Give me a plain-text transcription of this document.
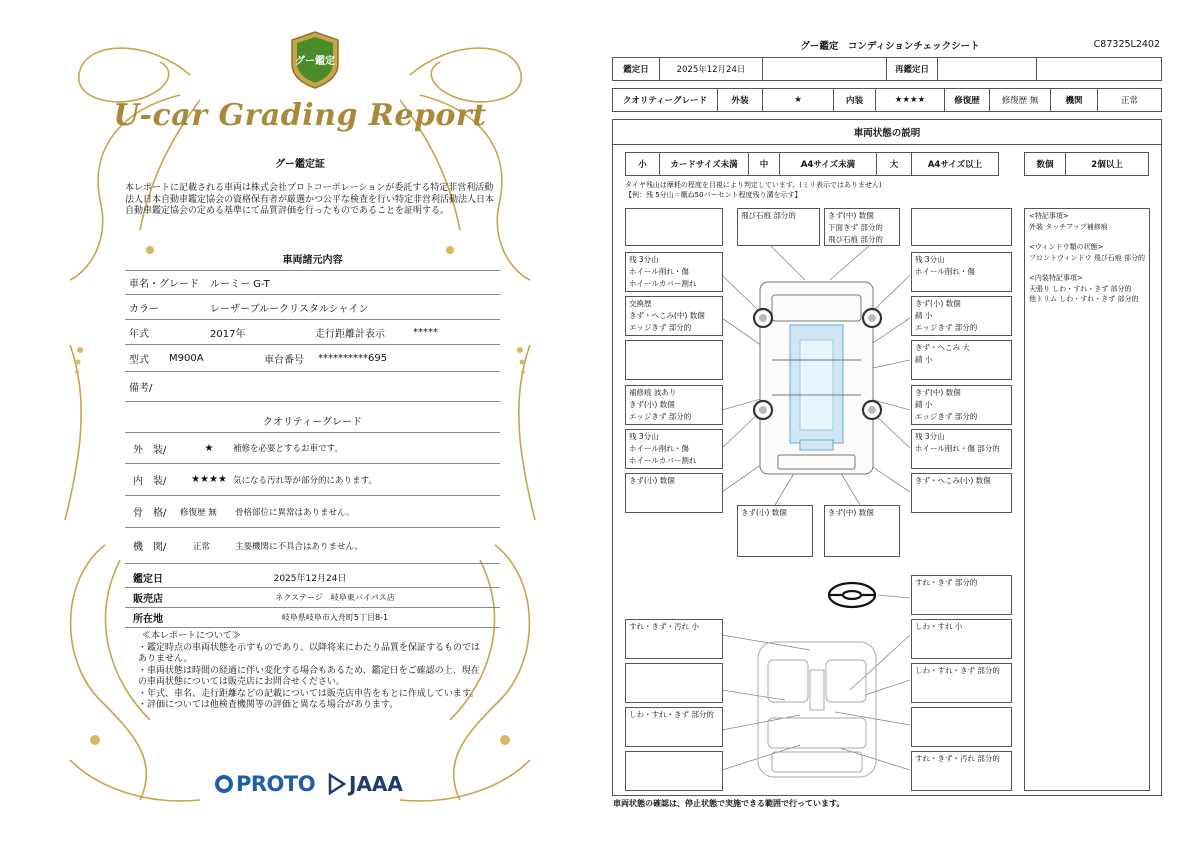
グー鑑定
U-car Grading Report
グー鑑定証
本レポートに記載される車両は株式会社プロトコーポレーションが委託する特定非営利活動法人日本自動車鑑定協会の資格保有者が厳選かつ公平な検査を行い特定非営利活動法人日本自動車鑑定協会の定める基準にて品質評価を行ったものであることを証明する。
車両諸元内容
車名・グレード	ルーミー G-T
カラー	レーザーブルークリスタルシャイン
年式	2017年	走行距離計表示	*****
型式	M900A	車台番号	**********695
備考/
クオリティーグレード
外　装/	★	補修を必要とするお車です。
内　装/	★★★★ 気になる汚れ等が部分的にあります。
骨　格/	修復歴 無	骨格部位に異常はありません。
機　関/	正常	主要機関に不具合はありません。
鑑定日	2025年12月24日
販売店	ネクステージ　岐阜東バイパス店
所在地	岐阜県岐阜市入舟町5丁目8-1
≪本レポートについて≫
・鑑定時点の車両状態を示すものであり、以降将来にわたり品質を保証するものではありません。
・車両状態は時間の経過に伴い変化する場合もあるため、鑑定日をご確認の上、現在の車両状態については販売店にお問合せください。
・年式、車名、走行距離などの記載については販売店申告をもとに作成しています。
・評価については他検査機関等の評価と異なる場合があります。
PROTO JAAA
グー鑑定　コンディションチェックシート	C87325L2402
鑑定日	2025年12月24日	再鑑定日
クオリティーグレード	外装	★	内装	★★★★	修復歴	修復歴 無	機関	正常
車両状態の説明
小	カードサイズ未満	中	A4サイズ未満	大	A4サイズ以上	数個	2個以上
タイヤ残山は摩耗の程度を目視により判定しています。(ミリ表示ではありません)
【例：残 5分山＝概ね50パーセント程度残り溝を示す】
飛び石痕 部分的	きず(中) 数個
下面きず 部分的
飛び石痕 部分的
残 3分山
ホイール削れ・傷
ホイールカバー割れ
残 3分山
ホイール削れ・傷
交換歴
きず・へこみ(中) 数個
エッジきず 部分的
きず(小) 数個
錆 小
エッジきず 部分的
きず・へこみ 大
錆 小
補修痕 波あり
きず(小) 数個
エッジきず 部分的
きず(中) 数個
錆 小
エッジきず 部分的
残 3分山
ホイール削れ・傷
ホイールカバー割れ
残 3分山
ホイール削れ・傷 部分的
きず(小) 数個	きず・へこみ(小) 数個
きず(小) 数個	きず(中) 数個
すれ・きず 部分的
すれ・きず・汚れ 小	しわ・すれ 小
しわ・すれ・きず 部分的
しわ・すれ・きず 部分的
すれ・きず・汚れ 部分的
<特記事項>
外装 タッチアップ補修痕
<ウィンドウ類の状態>
フロントウィンドウ 飛び石痕 部分的
<内装特記事項>
天張り しわ・すれ・きず 部分的
他トリム しわ・すれ・きず 部分的
車両状態の確認は、停止状態で実施できる範囲で行っています。
